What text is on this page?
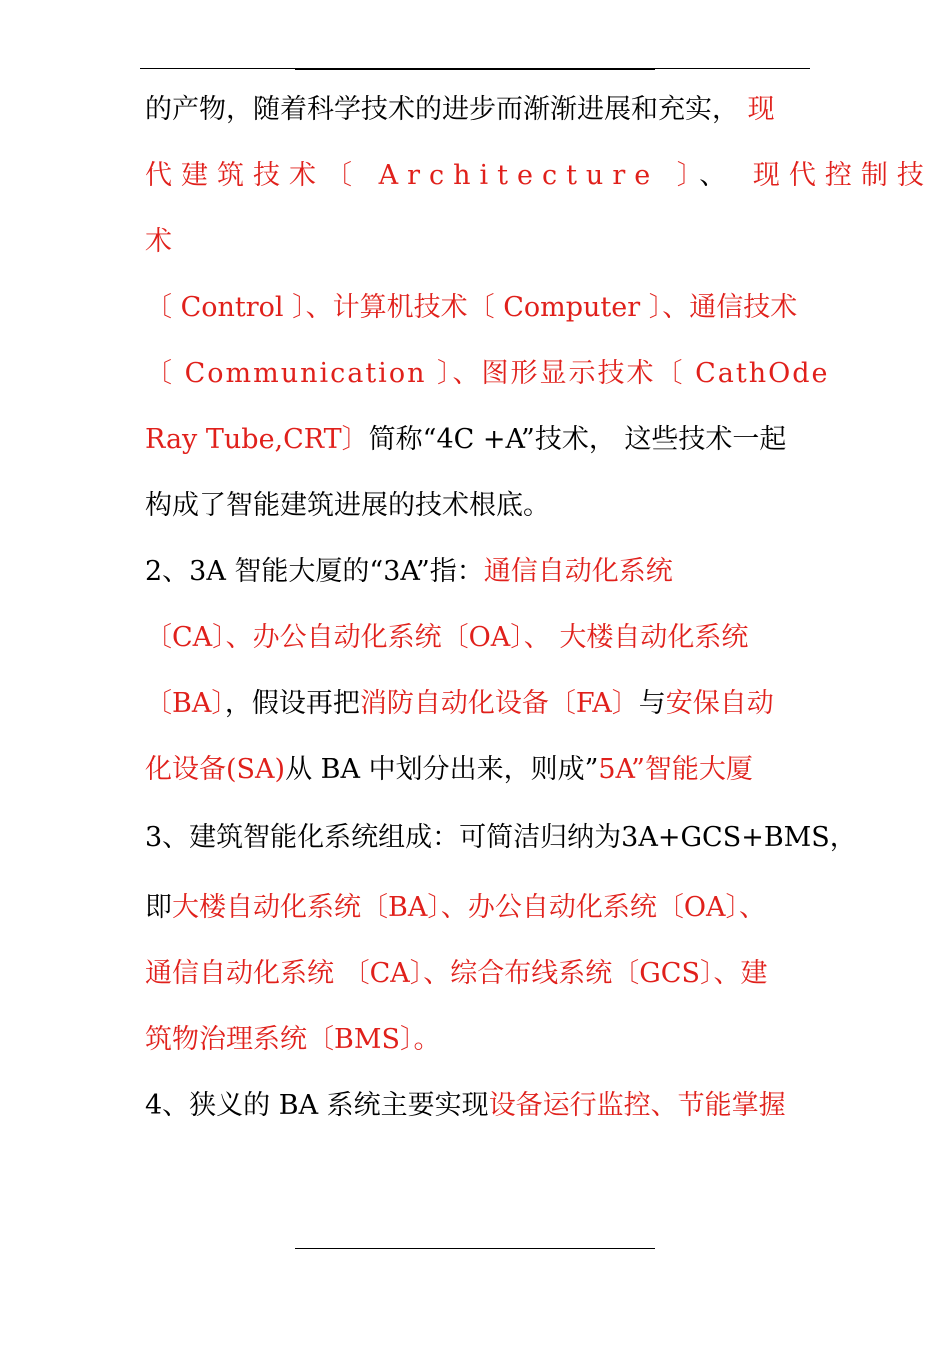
的产物，随着科学技术的进步而渐渐进展和充实， 现
代建筑技术〔 Architecture 〕、 现代控制技
术
〔 Control 〕、计算机技术〔 Computer 〕、通信技术
〔 Communication 〕、图形显示技术〔 CathOde
Ray Tube,CRT〕简称“4C +A”技术， 这些技术一起
构成了智能建筑进展的技术根底。
2、3A 智能大厦的“3A”指：通信自动化系统
〔CA〕、办公自动化系统〔OA〕、 大楼自动化系统
〔BA〕，假设再把消防自动化设备〔FA〕与安保自动
化设备(SA)从 BA 中划分出来，则成”5A”智能大厦
3、建筑智能化系统组成：可简洁归纳为3A+GCS+BMS，
即大楼自动化系统〔BA〕、办公自动化系统〔OA〕、
通信自动化系统 〔CA〕、综合布线系统〔GCS〕、建
筑物治理系统〔BMS〕。
4、狭义的 BA 系统主要实现设备运行监控、节能掌握
